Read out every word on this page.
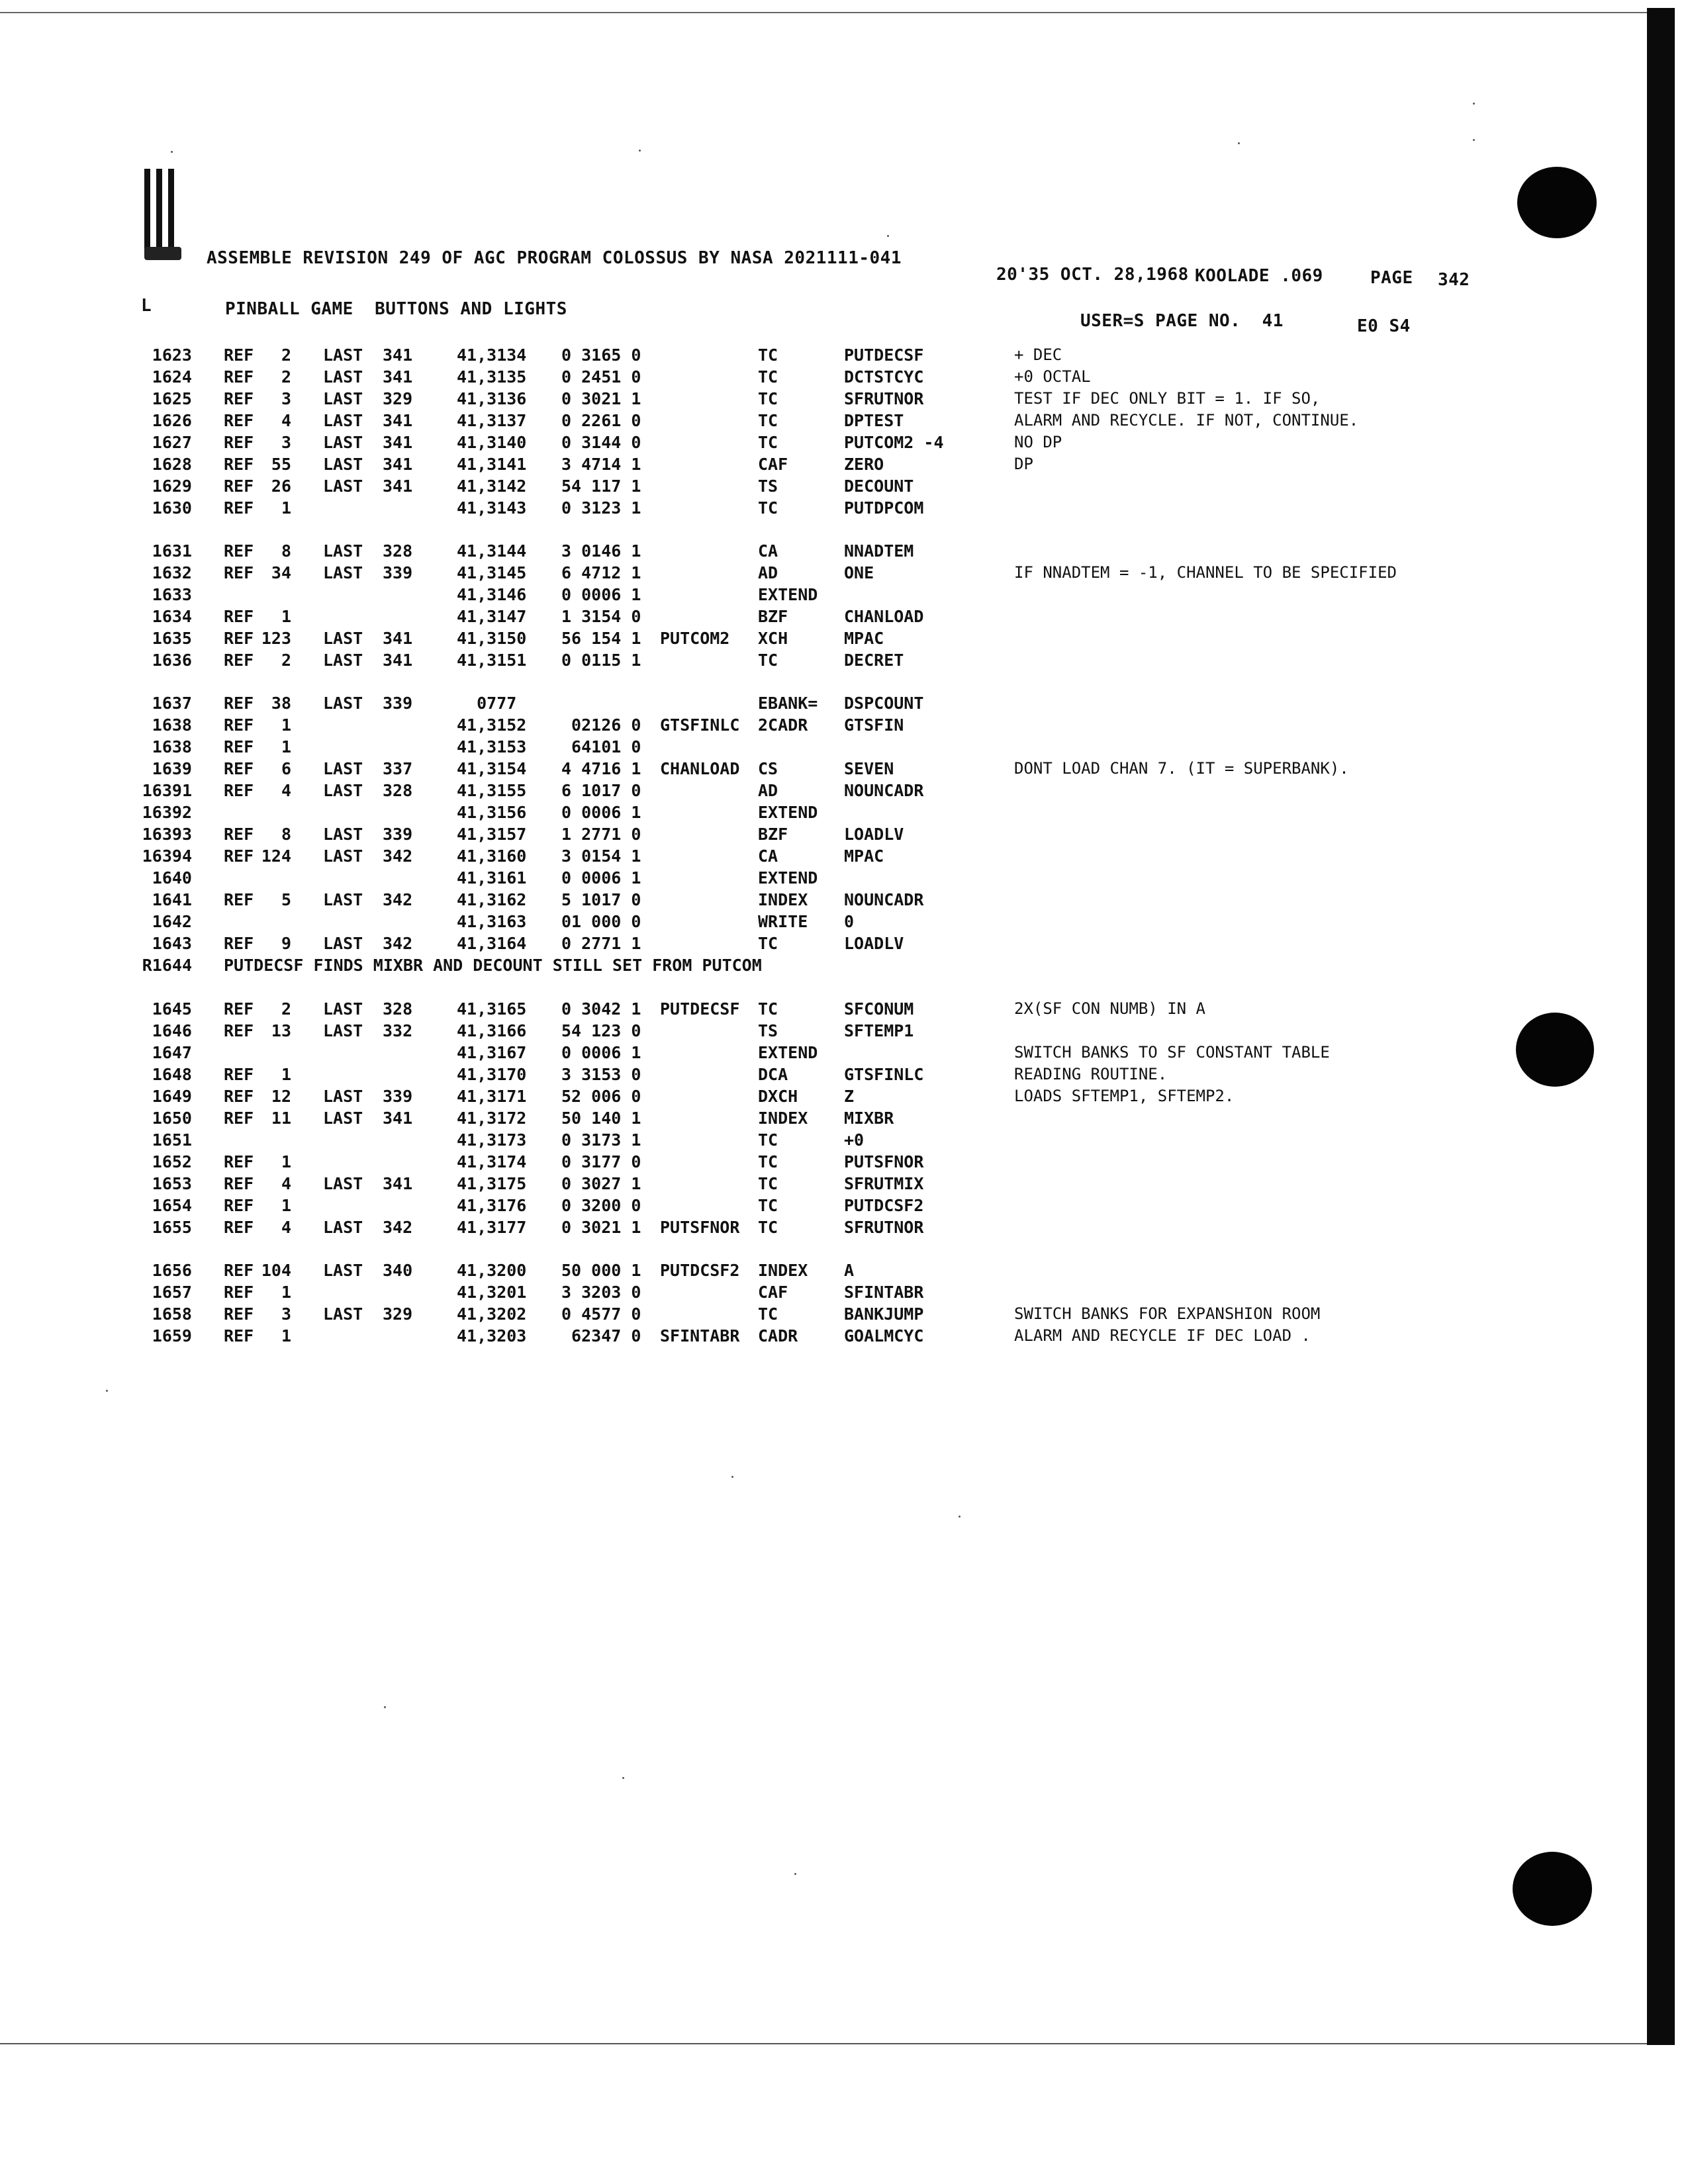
ASSEMBLE REVISION 249 OF AGC PROGRAM COLOSSUS BY NASA 2021111-041
20'35 OCT. 28,1968 KOOLADE .069	PAGE 342
L	PINBALL GAME  BUTTONS AND LIGHTS
USER=S PAGE NO.  41	E0 S4
1623 REF	2 LAST 341	41,3134 0 3165 0	TC	PUTDECSF	+ DEC
1624 REF	2 LAST 341	41,3135 0 2451 0	TC	DCTSTCYC	+0 OCTAL
1625 REF	3 LAST 329	41,3136 0 3021 1	TC	SFRUTNOR	TEST IF DEC ONLY BIT = 1. IF SO,
1626 REF	4 LAST 341	41,3137 0 2261 0	TC	DPTEST	ALARM AND RECYCLE. IF NOT, CONTINUE.
1627 REF	3 LAST 341	41,3140 0 3144 0	TC	PUTCOM2 -4	NO DP
1628 REF	55 LAST 341	41,3141 3 4714 1	CAF	ZERO	DP
1629 REF	26 LAST 341	41,3142 54 117 1	TS	DECOUNT
1630 REF	1	41,3143 0 3123 1	TC	PUTDPCOM
1631 REF	8 LAST 328	41,3144 3 0146 1	CA	NNADTEM
1632 REF	34 LAST 339	41,3145 6 4712 1	AD	ONE	IF NNADTEM = -1, CHANNEL TO BE SPECIFIED
1633	41,3146 0 0006 1	EXTEND
1634 REF	1	41,3147 1 3154 0	BZF	CHANLOAD
1635 REF 123 LAST 341	41,3150 56 154 1 PUTCOM2 XCH	MPAC
1636 REF	2 LAST 341	41,3151 0 0115 1	TC	DECRET
1637 REF	38 LAST 339	0777	EBANK= DSPCOUNT
1638 REF	1	41,3152 02126 0 GTSFINLC 2CADR GTSFIN
1638 REF	1	41,3153 64101 0
1639 REF	6 LAST 337	41,3154 4 4716 1 CHANLOAD CS	SEVEN	DONT LOAD CHAN 7. (IT = SUPERBANK).
16391 REF	4 LAST 328	41,3155 6 1017 0	AD	NOUNCADR
16392	41,3156 0 0006 1	EXTEND
16393 REF	8 LAST 339	41,3157 1 2771 0	BZF	LOADLV
16394 REF 124 LAST 342	41,3160 3 0154 1	CA	MPAC
1640	41,3161 0 0006 1	EXTEND
1641 REF	5 LAST 342	41,3162 5 1017 0	INDEX NOUNCADR
1642	41,3163 01 000 0	WRITE 0
1643 REF	9 LAST 342	41,3164 0 2771 1	TC	LOADLV
R1644 PUTDECSF FINDS MIXBR AND DECOUNT STILL SET FROM PUTCOM
1645 REF	2 LAST 328	41,3165 0 3042 1 PUTDECSF TC	SFCONUM	2X(SF CON NUMB) IN A
1646 REF	13 LAST 332	41,3166 54 123 0	TS	SFTEMP1
1647	41,3167 0 0006 1	EXTEND	SWITCH BANKS TO SF CONSTANT TABLE
1648 REF	1	41,3170 3 3153 0	DCA	GTSFINLC	READING ROUTINE.
1649 REF	12 LAST 339	41,3171 52 006 0	DXCH	Z	LOADS SFTEMP1, SFTEMP2.
1650 REF	11 LAST 341	41,3172 50 140 1	INDEX MIXBR
1651	41,3173 0 3173 1	TC	+0
1652 REF	1	41,3174 0 3177 0	TC	PUTSFNOR
1653 REF	4 LAST 341	41,3175 0 3027 1	TC	SFRUTMIX
1654 REF	1	41,3176 0 3200 0	TC	PUTDCSF2
1655 REF	4 LAST 342	41,3177 0 3021 1 PUTSFNOR TC	SFRUTNOR
1656 REF 104 LAST 340	41,3200 50 000 1 PUTDCSF2 INDEX A
1657 REF	1	41,3201 3 3203 0	CAF	SFINTABR
1658 REF	3 LAST 329	41,3202 0 4577 0	TC	BANKJUMP	SWITCH BANKS FOR EXPANSHION ROOM
1659 REF	1	41,3203 62347 0 SFINTABR CADR	GOALMCYC	ALARM AND RECYCLE IF DEC LOAD .
